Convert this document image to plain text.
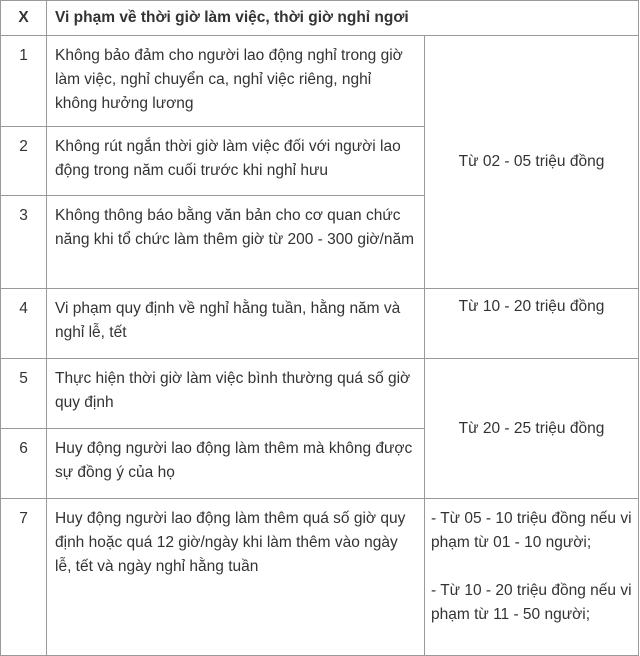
X	Vi phạm về thời giờ làm việc, thời giờ nghỉ ngơi	
1	Không bảo đảm cho người lao động nghỉ trong giờ làm việc, nghỉ chuyển ca, nghỉ việc riêng, nghỉ không hưởng lương	Từ 02 - 05 triệu đồng
2	Không rút ngắn thời giờ làm việc đối với người lao động trong năm cuối trước khi nghỉ hưu	
3	Không thông báo bằng văn bản cho cơ quan chức năng khi tổ chức làm thêm giờ từ 200 - 300 giờ/năm	
4	Vi phạm quy định về nghỉ hằng tuần, hằng năm và nghỉ lễ, tết	Từ 10 - 20 triệu đồng
5	Thực hiện thời giờ làm việc bình thường quá số giờ quy định	Từ 20 - 25 triệu đồng
6	Huy động người lao động làm thêm mà không được sự đồng ý của họ	
7	Huy động người lao động làm thêm quá số giờ quy định hoặc quá 12 giờ/ngày khi làm thêm vào ngày lễ, tết và ngày nghỉ hằng tuần	- Từ 05 - 10 triệu đồng nếu vi phạm từ 01 - 10 người;
- Từ 10 - 20 triệu đồng nếu vi phạm từ 11 - 50 người;
